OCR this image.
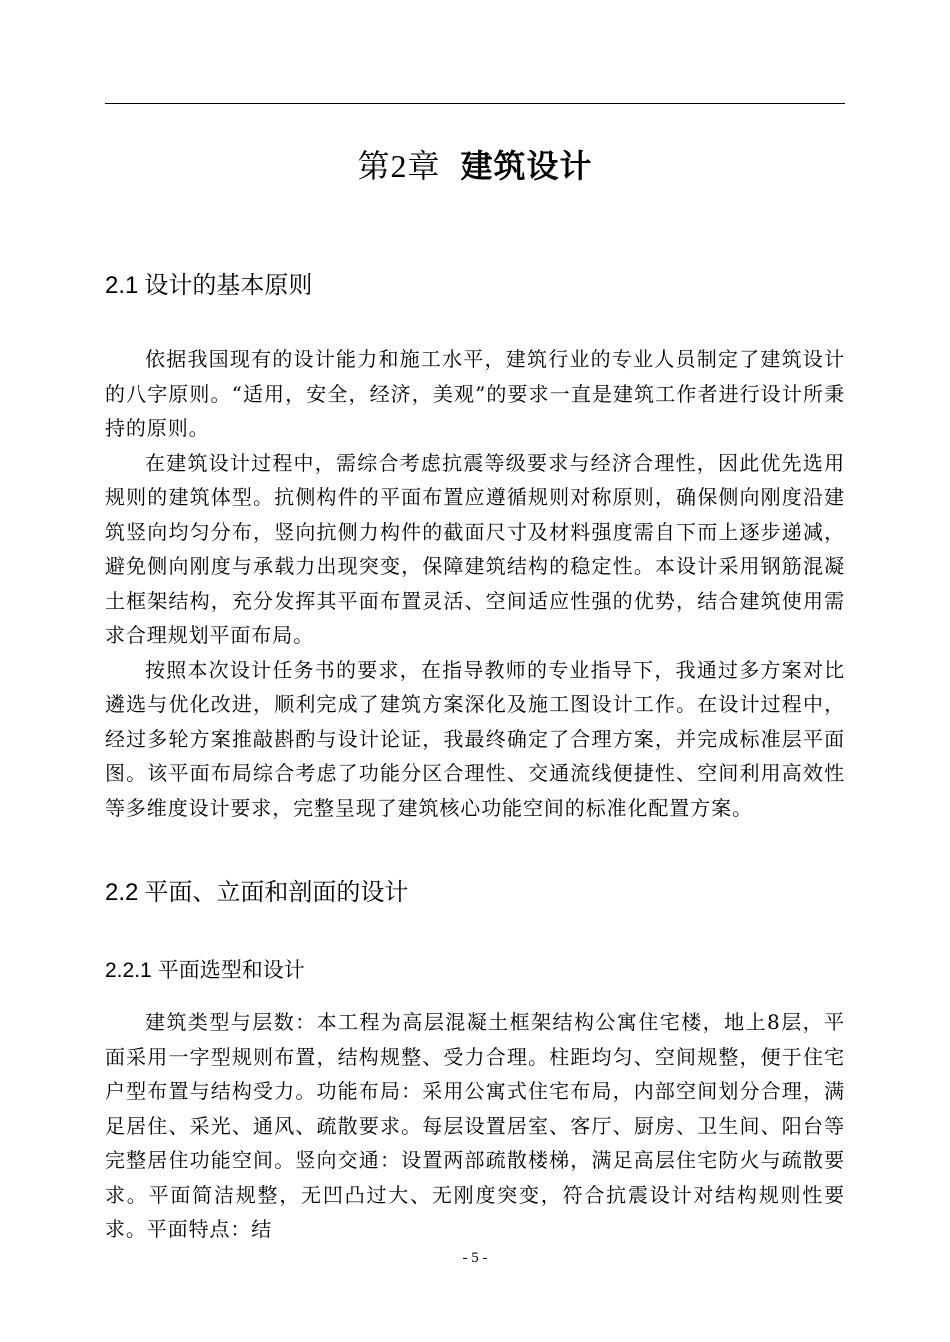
第2章 建筑设计
2.1 设计的基本原则

依据我国现有的设计能力和施工水平，建筑行业的专业人员制定了建筑设计的八字原则。“适用，安全，经济，美观”的要求一直是建筑工作者进行设计所秉持的原则。

在建筑设计过程中，需综合考虑抗震等级要求与经济合理性，因此优先选用规则的建筑体型。抗侧构件的平面布置应遵循规则对称原则，确保侧向刚度沿建筑竖向均匀分布，竖向抗侧力构件的截面尺寸及材料强度需自下而上逐步递减，避免侧向刚度与承载力出现突变，保障建筑结构的稳定性。本设计采用钢筋混凝土框架结构，充分发挥其平面布置灵活、空间适应性强的优势，结合建筑使用需求合理规划平面布局。

按照本次设计任务书的要求，在指导教师的专业指导下，我通过多方案对比遴选与优化改进，顺利完成了建筑方案深化及施工图设计工作。在设计过程中，经过多轮方案推敲斟酌与设计论证，我最终确定了合理方案，并完成标准层平面图。该平面布局综合考虑了功能分区合理性、交通流线便捷性、空间利用高效性等多维度设计要求，完整呈现了建筑核心功能空间的标准化配置方案。

2.2 平面、立面和剖面的设计
2.2.1 平面选型和设计

建筑类型与层数：本工程为高层混凝土框架结构公寓住宅楼，地上8层，平面采用一字型规则布置，结构规整、受力合理。柱距均匀、空间规整，便于住宅户型布置与结构受力。功能布局：采用公寓式住宅布局，内部空间划分合理，满足居住、采光、通风、疏散要求。每层设置居室、客厅、厨房、卫生间、阳台等完整居住功能空间。竖向交通：设置两部疏散楼梯，满足高层住宅防火与疏散要求。平面简洁规整，无凹凸过大、无刚度突变，符合抗震设计对结构规则性要求。平面特点：结

- 5 -
